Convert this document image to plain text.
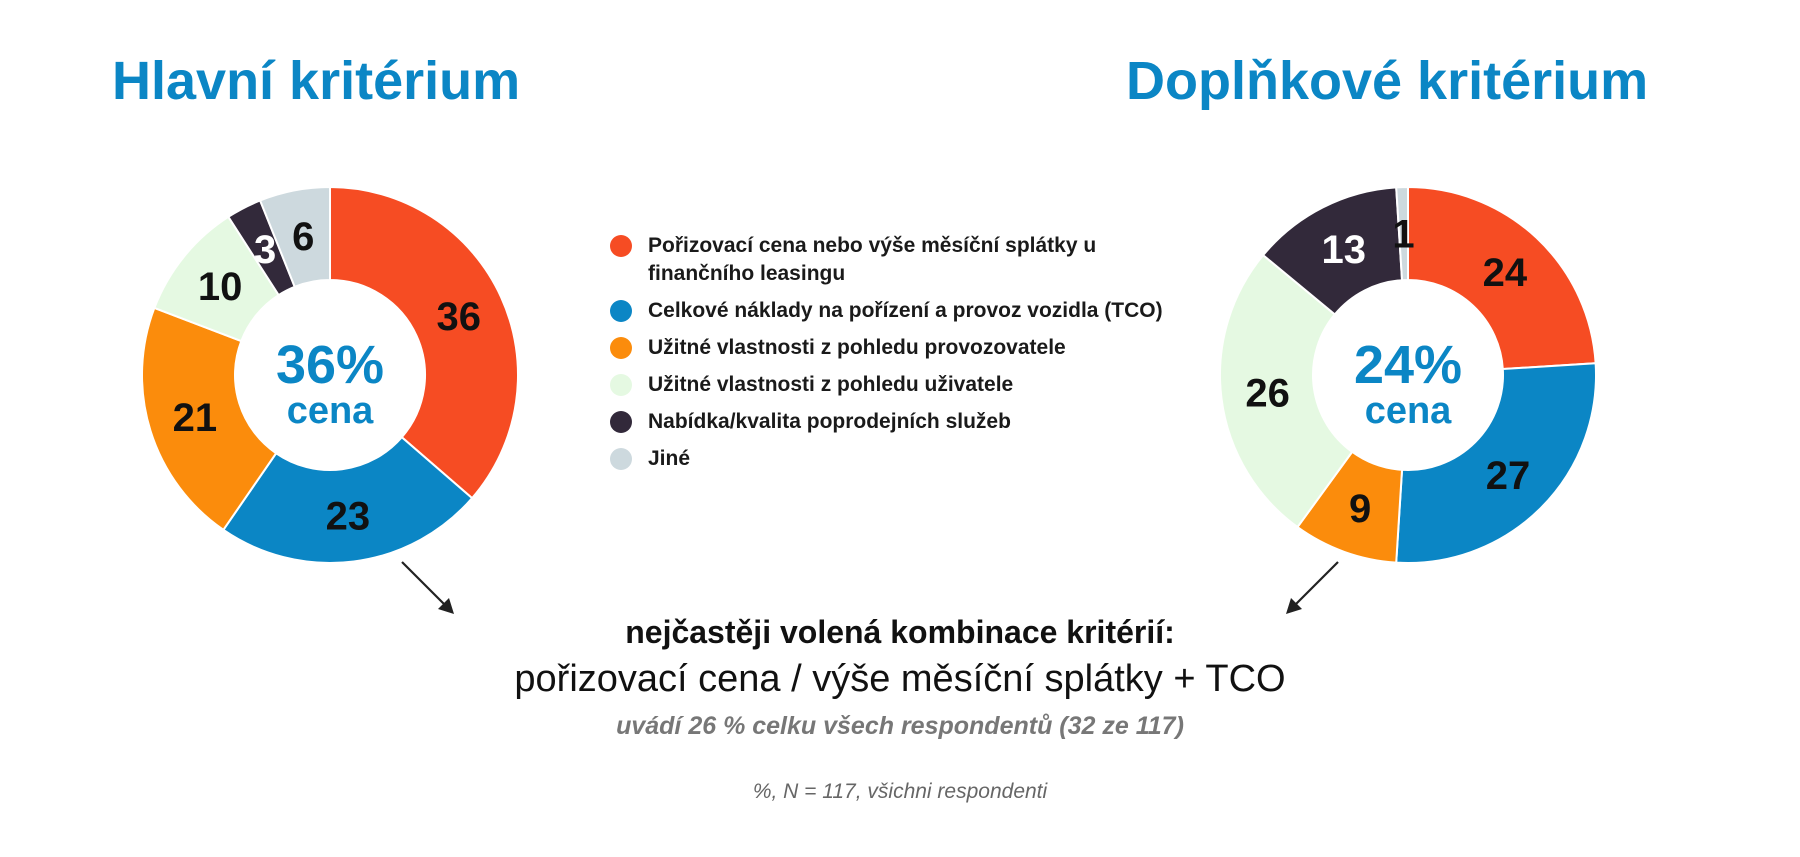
Hlavní kritérium	Doplňkové kritérium
36
23
21
10
3 6
36%
cena
24
27
9
26
13 1
24%
cena
Pořizovací cena nebo výše měsíční splátky u finančního leasingu
Celkové náklady na pořízení a provoz vozidla (TCO)
Užitné vlastnosti z pohledu provozovatele
Užitné vlastnosti z pohledu uživatele
Nabídka/kvalita poprodejních služeb
Jiné

nejčastěji volená kombinace kritérií:

pořizovací cena / výše měsíční splátky + TCO

uvádí 26 % celku všech respondentů (32 ze 117)

%, N = 117, všichni respondenti
